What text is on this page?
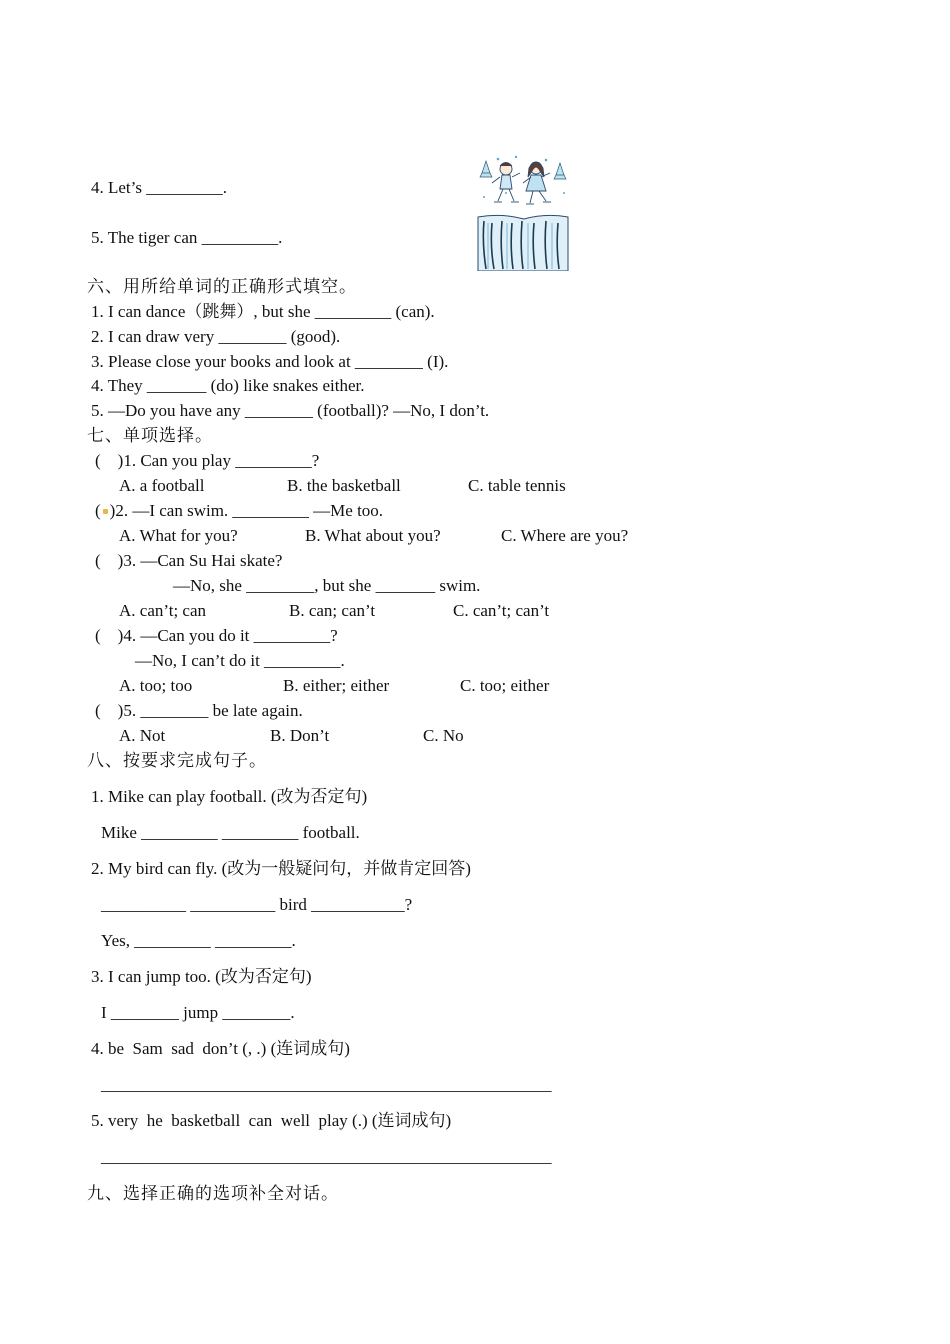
4. Let’s _________.
5. The tiger can _________.
六、用所给单词的正确形式填空。
1. I can dance（跳舞）, but she _________ (can).
2. I can draw very ________ (good).
3. Please close your books and look at ________ (I).
4. They _______ (do) like snakes either.
5. —Do you have any ________ (football)? —No, I don’t.
七、单项选择。
(    )1. Can you play _________?
A. a football	B. the basketball	C. table tennis
( )2. —I can swim. _________ —Me too.
A. What for you?	B. What about you?	C. Where are you?
(    )3. —Can Su Hai skate?
—No, she ________, but she _______ swim.
A. can’t; can	B. can; can’t	C. can’t; can’t
(    )4. —Can you do it _________?
—No, I can’t do it _________.
A. too; too	B. either; either	C. too; either
(    )5. ________ be late again.
A. Not	B. Don’t	C. No
八、按要求完成句子。
1. Mike can play football. (改为否定句)
Mike _________ _________ football.
2. My bird can fly. (改为一般疑问句，并做肯定回答)
__________ __________ bird ___________?
Yes, _________ _________.
3. I can jump too. (改为否定句)
I ________ jump ________.
4. be  Sam  sad  don’t (, .) (连词成句)
_____________________________________________________
5. very  he  basketball  can  well  play (.) (连词成句)
_____________________________________________________
九、选择正确的选项补全对话。
